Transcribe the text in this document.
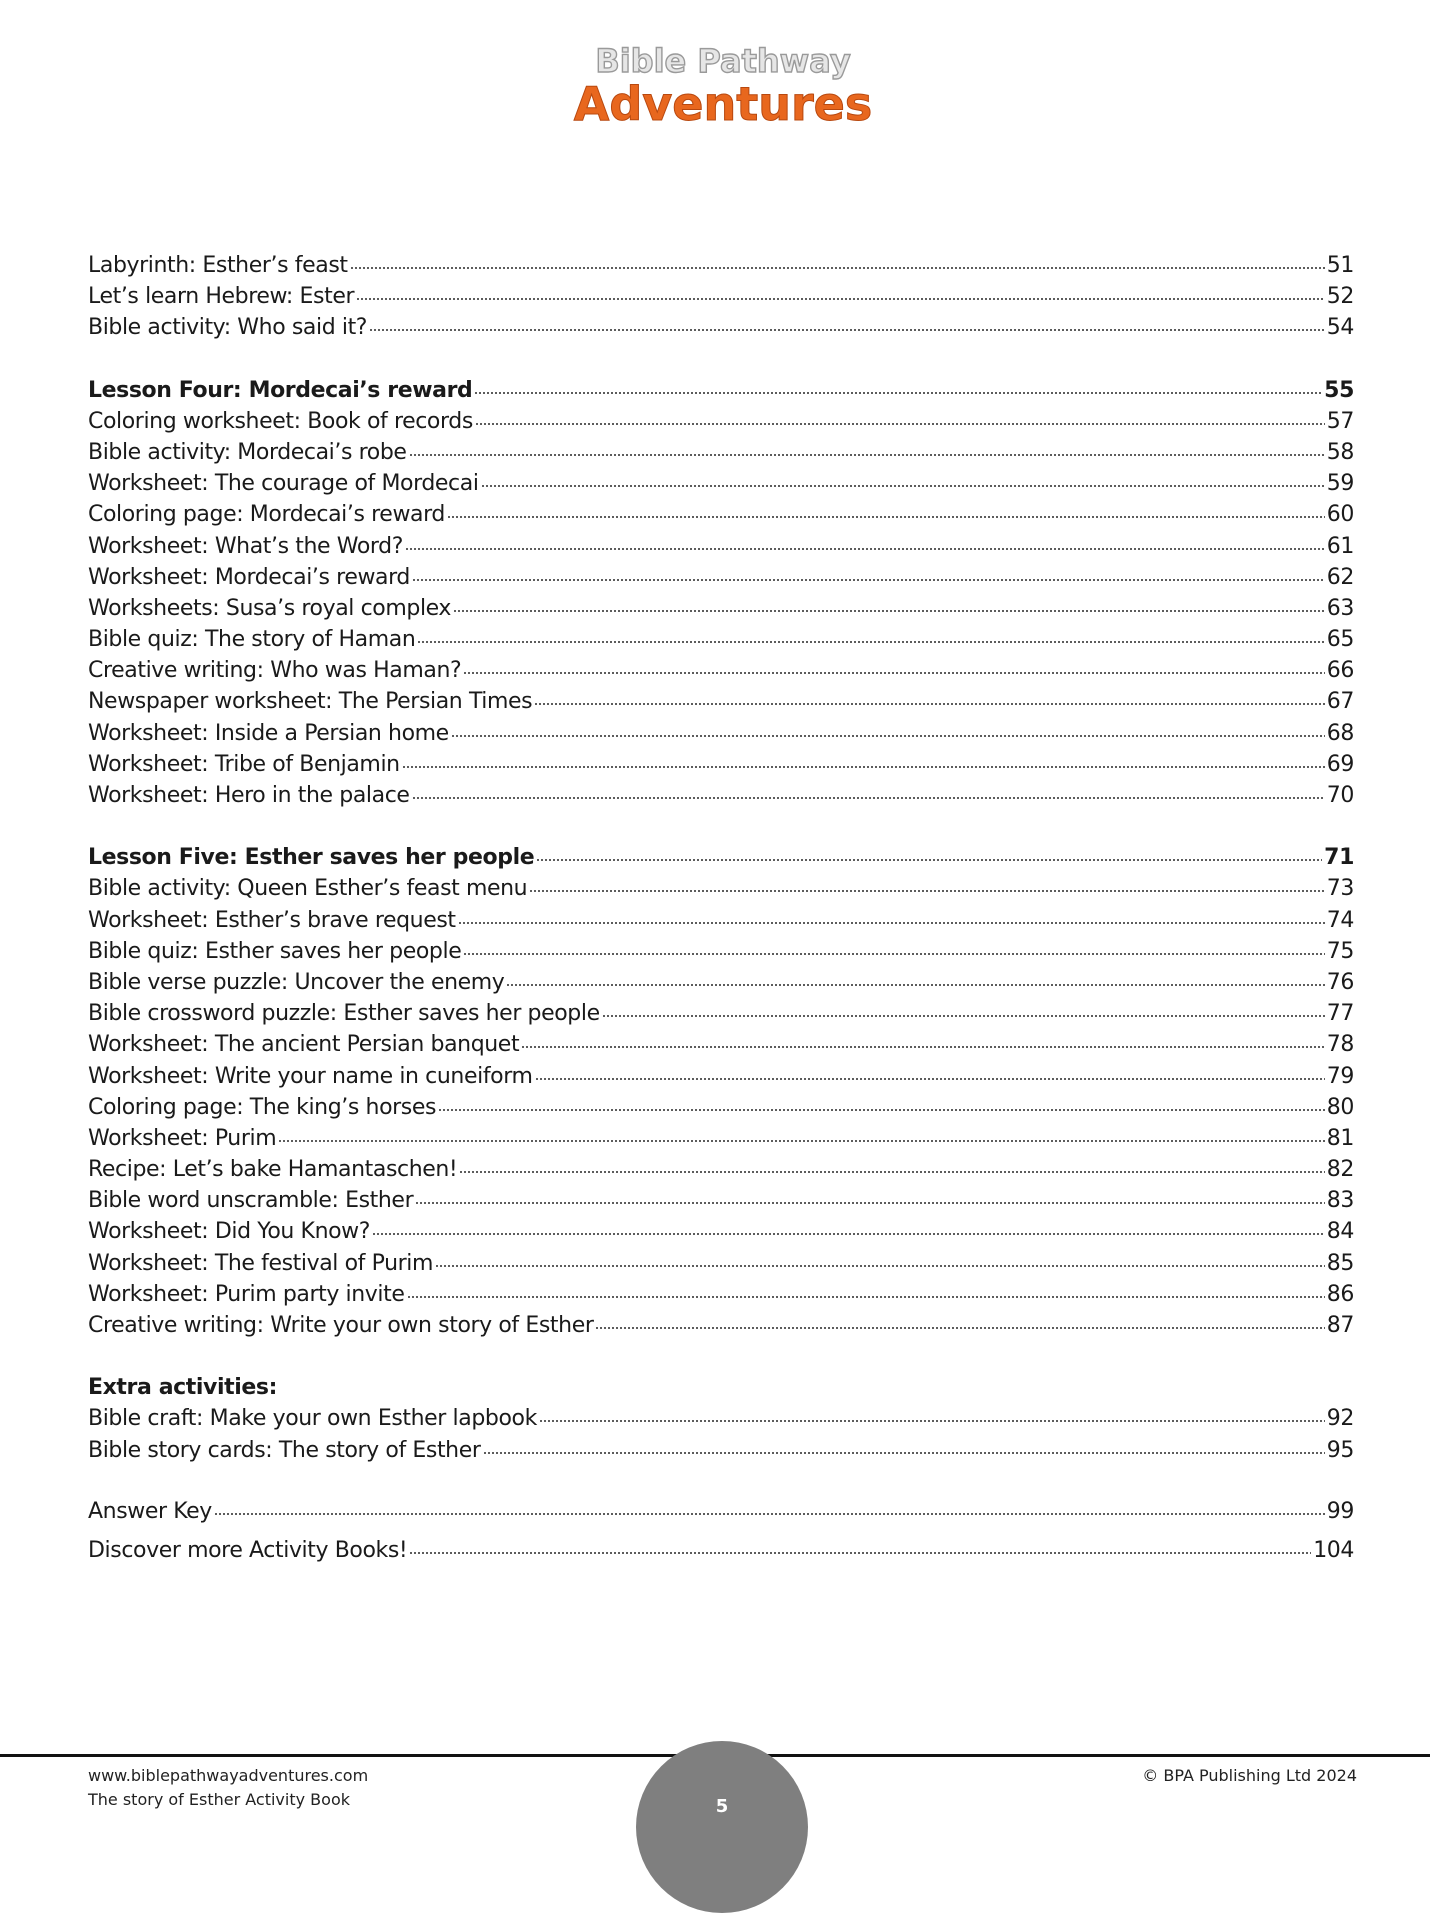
Bible Pathway
Adventures
Labyrinth: Esther’s feast	51
Let’s learn Hebrew: Ester	52
Bible activity: Who said it?	54
Lesson Four: Mordecai’s reward	55
Coloring worksheet: Book of records	57
Bible activity: Mordecai’s robe	58
Worksheet: The courage of Mordecai	59
Coloring page: Mordecai’s reward	60
Worksheet: What’s the Word?	61
Worksheet: Mordecai’s reward	62
Worksheets: Susa’s royal complex	63
Bible quiz: The story of Haman	65
Creative writing: Who was Haman?	66
Newspaper worksheet: The Persian Times	67
Worksheet: Inside a Persian home	68
Worksheet: Tribe of Benjamin	69
Worksheet: Hero in the palace	70
Lesson Five: Esther saves her people	71
Bible activity: Queen Esther’s feast menu	73
Worksheet: Esther’s brave request	74
Bible quiz: Esther saves her people	75
Bible verse puzzle: Uncover the enemy	76
Bible crossword puzzle: Esther saves her people	77
Worksheet: The ancient Persian banquet	78
Worksheet: Write your name in cuneiform	79
Coloring page: The king’s horses	80
Worksheet: Purim	81
Recipe: Let’s bake Hamantaschen!	82
Bible word unscramble: Esther	83
Worksheet: Did You Know?	84
Worksheet: The festival of Purim	85
Worksheet: Purim party invite	86
Creative writing: Write your own story of Esther	87
Extra activities:
Bible craft: Make your own Esther lapbook	92
Bible story cards: The story of Esther	95
Answer Key	99
Discover more Activity Books!	104
www.biblepathwayadventures.com
The story of Esther Activity Book
© BPA Publishing Ltd 2024
5
